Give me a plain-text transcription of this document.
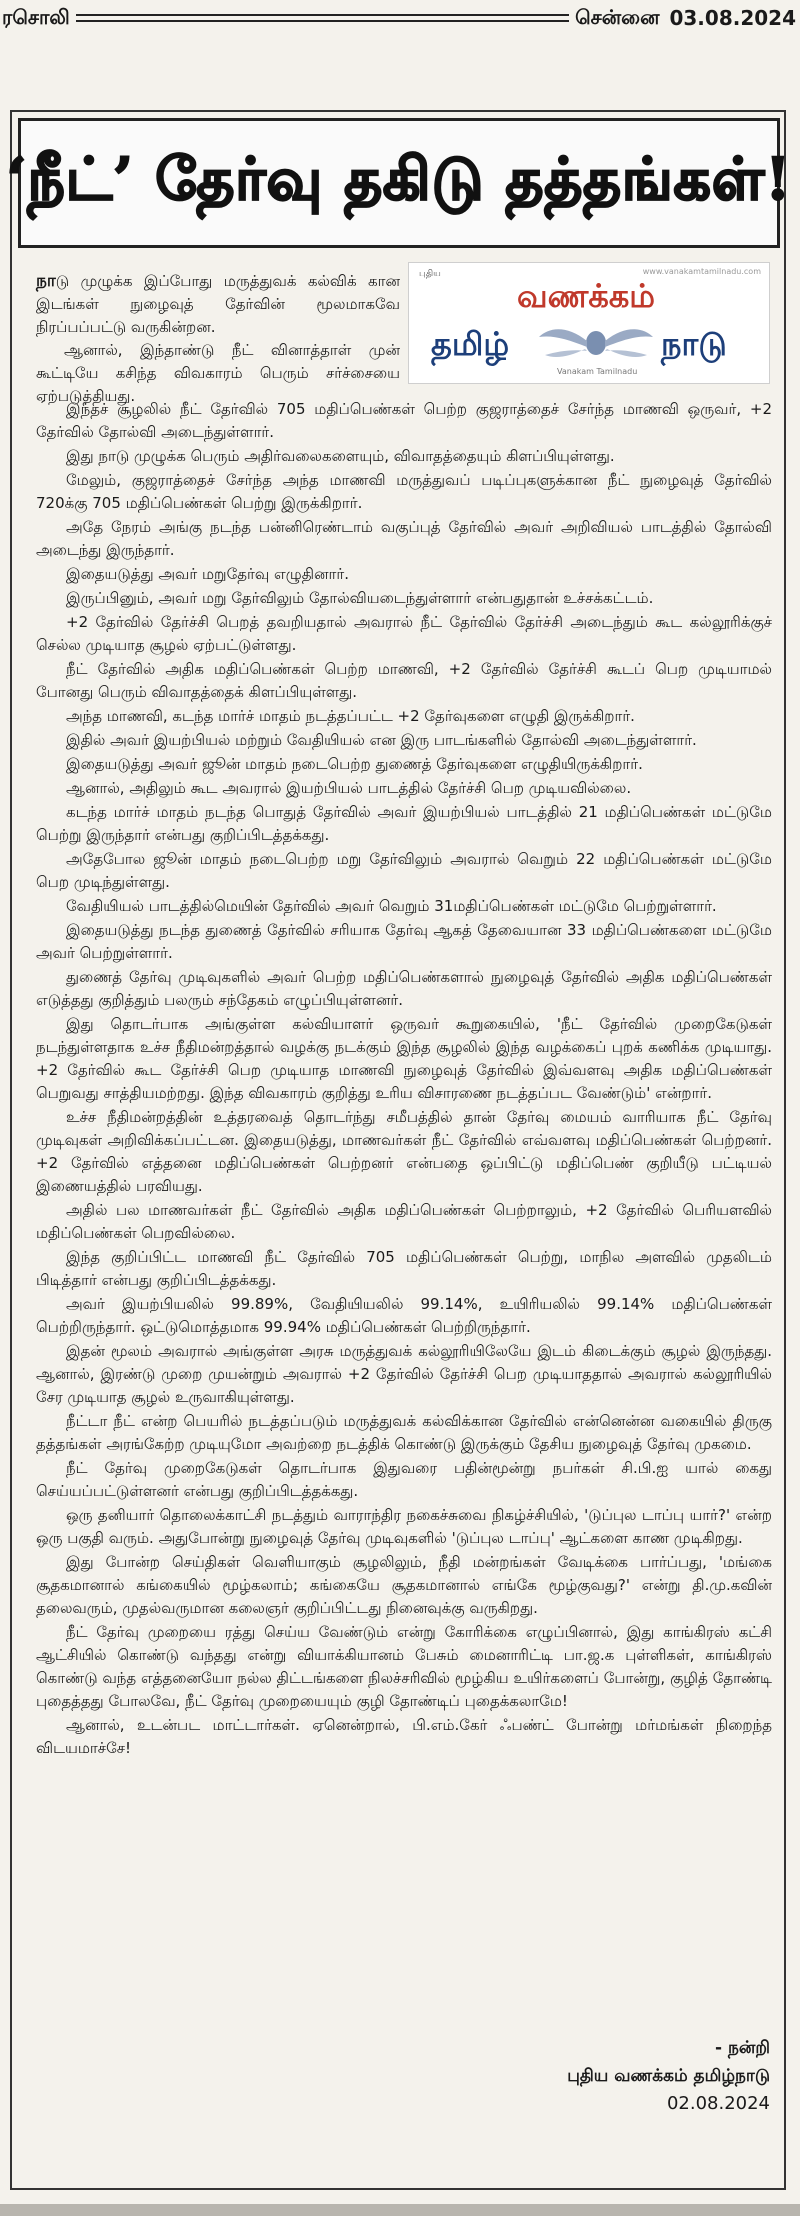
ரசொலி	சென்னை 03.08.2024
‘நீட்’ தேர்வு தகிடு தத்தங்கள்!
புதிய	www.vanakamtamilnadu.com
வணக்கம்
தமிழ்	நாடு
Vanakam Tamilnadu

நாடு முழுக்க இப்போது மருத்துவக் கல்விக் கான இடங்கள் நுழைவுத் தேர்வின் மூலமாகவே நிரப்பப்பட்டு வருகின்றன.

ஆனால், இந்தாண்டு நீட் வினாத்தாள் முன் கூட்டியே கசிந்த விவகாரம் பெரும் சர்ச்சையை ஏற்படுத்தியது.

இந்தச் சூழலில் நீட் தேர்வில் 705 மதிப்பெண்கள் பெற்ற குஜராத்தைச் சேர்ந்த மாணவி ஒருவர், +2 தேர்வில் தோல்வி அடைந்துள்ளார்.

இது நாடு முழுக்க பெரும் அதிர்வலைகளையும், விவாதத்தையும் கிளப்பியுள்ளது.

மேலும், குஜராத்தைச் சேர்ந்த அந்த மாணவி மருத்துவப் படிப்புகளுக்கான நீட் நுழைவுத் தேர்வில் 720க்கு 705 மதிப்பெண்கள் பெற்று இருக்கிறார்.

அதே நேரம் அங்கு நடந்த பன்னிரெண்டாம் வகுப்புத் தேர்வில் அவர் அறிவியல் பாடத்தில் தோல்வி அடைந்து இருந்தார்.

இதையடுத்து அவர் மறுதேர்வு எழுதினார்.

இருப்பினும், அவர் மறு தேர்விலும் தோல்வியடைந்துள்ளார் என்பதுதான் உச்சக்கட்டம்.

+2 தேர்வில் தேர்ச்சி பெறத் தவறியதால் அவரால் நீட் தேர்வில் தேர்ச்சி அடைந்தும் கூட கல்லூரிக்குச் செல்ல முடியாத சூழல் ஏற்பட்டுள்ளது.

நீட் தேர்வில் அதிக மதிப்பெண்கள் பெற்ற மாணவி, +2 தேர்வில் தேர்ச்சி கூடப் பெற முடியாமல் போனது பெரும் விவாதத்தைக் கிளப்பியுள்ளது.

அந்த மாணவி, கடந்த மார்ச் மாதம் நடத்தப்பட்ட +2 தேர்வுகளை எழுதி இருக்கிறார்.

இதில் அவர் இயற்பியல் மற்றும் வேதியியல் என இரு பாடங்களில் தோல்வி அடைந்துள்ளார்.

இதையடுத்து அவர் ஜூன் மாதம் நடைபெற்ற துணைத் தேர்வுகளை எழுதியிருக்கிறார்.

ஆனால், அதிலும் கூட அவரால் இயற்பியல் பாடத்தில் தேர்ச்சி பெற முடியவில்லை.

கடந்த மார்ச் மாதம் நடந்த பொதுத் தேர்வில் அவர் இயற்பியல் பாடத்தில் 21 மதிப்பெண்கள் மட்டுமே பெற்று இருந்தார் என்பது குறிப்பிடத்தக்கது.

அதேபோல ஜூன் மாதம் நடைபெற்ற மறு தேர்விலும் அவரால் வெறும் 22 மதிப்பெண்கள் மட்டுமே பெற முடிந்துள்ளது.

வேதியியல் பாடத்தில்மெயின் தேர்வில் அவர் வெறும் 31மதிப்பெண்கள் மட்டுமே பெற்றுள்ளார்.

இதையடுத்து நடந்த துணைத் தேர்வில் சரியாக தேர்வு ஆகத் தேவையான 33 மதிப்பெண்களை மட்டுமே அவர் பெற்றுள்ளார்.

துணைத் தேர்வு முடிவுகளில் அவர் பெற்ற மதிப்பெண்களால் நுழைவுத் தேர்வில் அதிக மதிப்பெண்கள் எடுத்தது குறித்தும் பலரும் சந்தேகம் எழுப்பியுள்ளனர்.

இது தொடர்பாக அங்குள்ள கல்வியாளர் ஒருவர் கூறுகையில், 'நீட் தேர்வில் முறைகேடுகள் நடந்துள்ளதாக உச்ச நீதிமன்றத்தால் வழக்கு நடக்கும் இந்த சூழலில் இந்த வழக்கைப் புறக் கணிக்க முடியாது. +2 தேர்வில் கூட தேர்ச்சி பெற முடியாத மாணவி நுழைவுத் தேர்வில் இவ்வளவு அதிக மதிப்பெண்கள் பெறுவது சாத்தியமற்றது. இந்த விவகாரம் குறித்து உரிய விசாரணை நடத்தப்பட வேண்டும்' என்றார்.

உச்ச நீதிமன்றத்தின் உத்தரவைத் தொடர்ந்து சமீபத்தில் தான் தேர்வு மையம் வாரியாக நீட் தேர்வு முடிவுகள் அறிவிக்கப்பட்டன. இதையடுத்து, மாணவர்கள் நீட் தேர்வில் எவ்வளவு மதிப்பெண்கள் பெற்றனர். +2 தேர்வில் எத்தனை மதிப்பெண்கள் பெற்றனர் என்பதை ஒப்பிட்டு மதிப்பெண் குறியீடு பட்டியல் இணையத்தில் பரவியது.

அதில் பல மாணவர்கள் நீட் தேர்வில் அதிக மதிப்பெண்கள் பெற்றாலும், +2 தேர்வில் பெரியளவில் மதிப்பெண்கள் பெறவில்லை.

இந்த குறிப்பிட்ட மாணவி நீட் தேர்வில் 705 மதிப்பெண்கள் பெற்று, மாநில அளவில் முதலிடம் பிடித்தார் என்பது குறிப்பிடத்தக்கது.

அவர் இயற்பியலில் 99.89%, வேதியியலில் 99.14%, உயிரியலில் 99.14% மதிப்பெண்கள் பெற்றிருந்தார். ஒட்டுமொத்தமாக 99.94% மதிப்பெண்கள் பெற்றிருந்தார்.

இதன் மூலம் அவரால் அங்குள்ள அரசு மருத்துவக் கல்லூரியிலேயே இடம் கிடைக்கும் சூழல் இருந்தது. ஆனால், இரண்டு முறை முயன்றும் அவரால் +2 தேர்வில் தேர்ச்சி பெற முடியாததால் அவரால் கல்லூரியில் சேர முடியாத சூழல் உருவாகியுள்ளது.

நீட்டா நீட் என்ற பெயரில் நடத்தப்படும் மருத்துவக் கல்விக்கான தேர்வில் என்னென்ன வகையில் திருகு தத்தங்கள் அரங்கேற்ற முடியுமோ அவற்றை நடத்திக் கொண்டு இருக்கும் தேசிய நுழைவுத் தேர்வு முகமை.

நீட் தேர்வு முறைகேடுகள் தொடர்பாக இதுவரை பதின்மூன்று நபர்கள் சி.பி.ஐ யால் கைது செய்யப்பட்டுள்ளனர் என்பது குறிப்பிடத்தக்கது.

ஒரு தனியார் தொலைக்காட்சி நடத்தும் வாராந்திர நகைச்சுவை நிகழ்ச்சியில், 'டுப்புல டாப்பு யார்?' என்ற ஒரு பகுதி வரும். அதுபோன்று நுழைவுத் தேர்வு முடிவுகளில் 'டுப்புல டாப்பு' ஆட்களை காண முடிகிறது.

இது போன்ற செய்திகள் வெளியாகும் சூழலிலும், நீதி மன்றங்கள் வேடிக்கை பார்ப்பது, 'மங்கை சூதகமானால் கங்கையில் மூழ்கலாம்; கங்கையே சூதகமானால் எங்கே மூழ்குவது?' என்று தி.மு.கவின் தலைவரும், முதல்வருமான கலைஞர் குறிப்பிட்டது நினைவுக்கு வருகிறது.

நீட் தேர்வு முறையை ரத்து செய்ய வேண்டும் என்று கோரிக்கை எழுப்பினால், இது காங்கிரஸ் கட்சி ஆட்சியில் கொண்டு வந்தது என்று வியாக்கியானம் பேசும் மைனாரிட்டி பா.ஜ.க புள்ளிகள், காங்கிரஸ் கொண்டு வந்த எத்தனையோ நல்ல திட்டங்களை நிலச்சரிவில் மூழ்கிய உயிர்களைப் போன்று, குழித் தோண்டி புதைத்தது போலவே, நீட் தேர்வு முறையையும் குழி தோண்டிப் புதைக்கலாமே!

ஆனால், உடன்பட மாட்டார்கள். ஏனென்றால், பி.எம்.கேர் ஃபண்ட் போன்று மர்மங்கள் நிறைந்த விடயமாச்சே!

- நன்றி
புதிய வணக்கம் தமிழ்நாடு
02.08.2024
